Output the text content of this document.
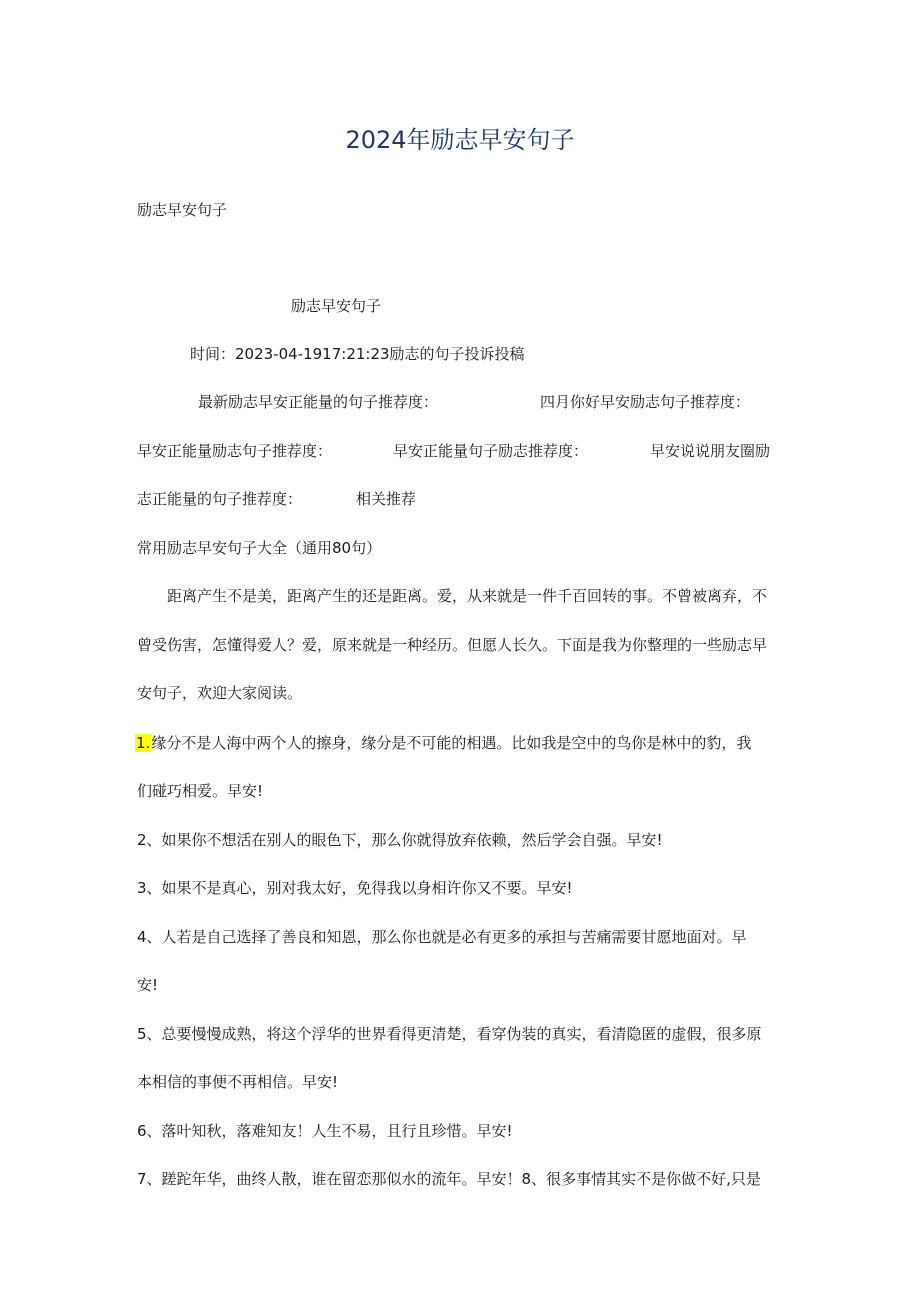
2024年励志早安句子
励志早安句子
励志早安句子
时间：2023-04-1917:21:23励志的句子投诉投稿
最新励志早安正能量的句子推荐度：	四月你好早安励志句子推荐度：
早安正能量励志句子推荐度：	早安正能量句子励志推荐度：	早安说说朋友圈励
志正能量的句子推荐度：	相关推荐
常用励志早安句子大全（通用80句）
距离产生不是美，距离产生的还是距离。爱，从来就是一件千百回转的事。不曾被离弃，不
曾受伤害，怎懂得爱人？爱，原来就是一种经历。但愿人长久。下面是我为你整理的一些励志早
安句子，欢迎大家阅读。
1.缘分不是人海中两个人的擦身，缘分是不可能的相遇。比如我是空中的鸟你是林中的豹，我
们碰巧相爱。早安!
2、如果你不想活在别人的眼色下，那么你就得放弃依赖，然后学会自强。早安!
3、如果不是真心，别对我太好，免得我以身相许你又不要。早安!
4、人若是自己选择了善良和知恩，那么你也就是必有更多的承担与苦痛需要甘愿地面对。早
安!
5、总要慢慢成熟，将这个浮华的世界看得更清楚，看穿伪装的真实，看清隐匿的虚假，很多原
本相信的事便不再相信。早安!
6、落叶知秋，落难知友！人生不易，且行且珍惜。早安!
7、蹉跎年华，曲终人散，谁在留恋那似水的流年。早安！8、很多事情其实不是你做不好,只是
